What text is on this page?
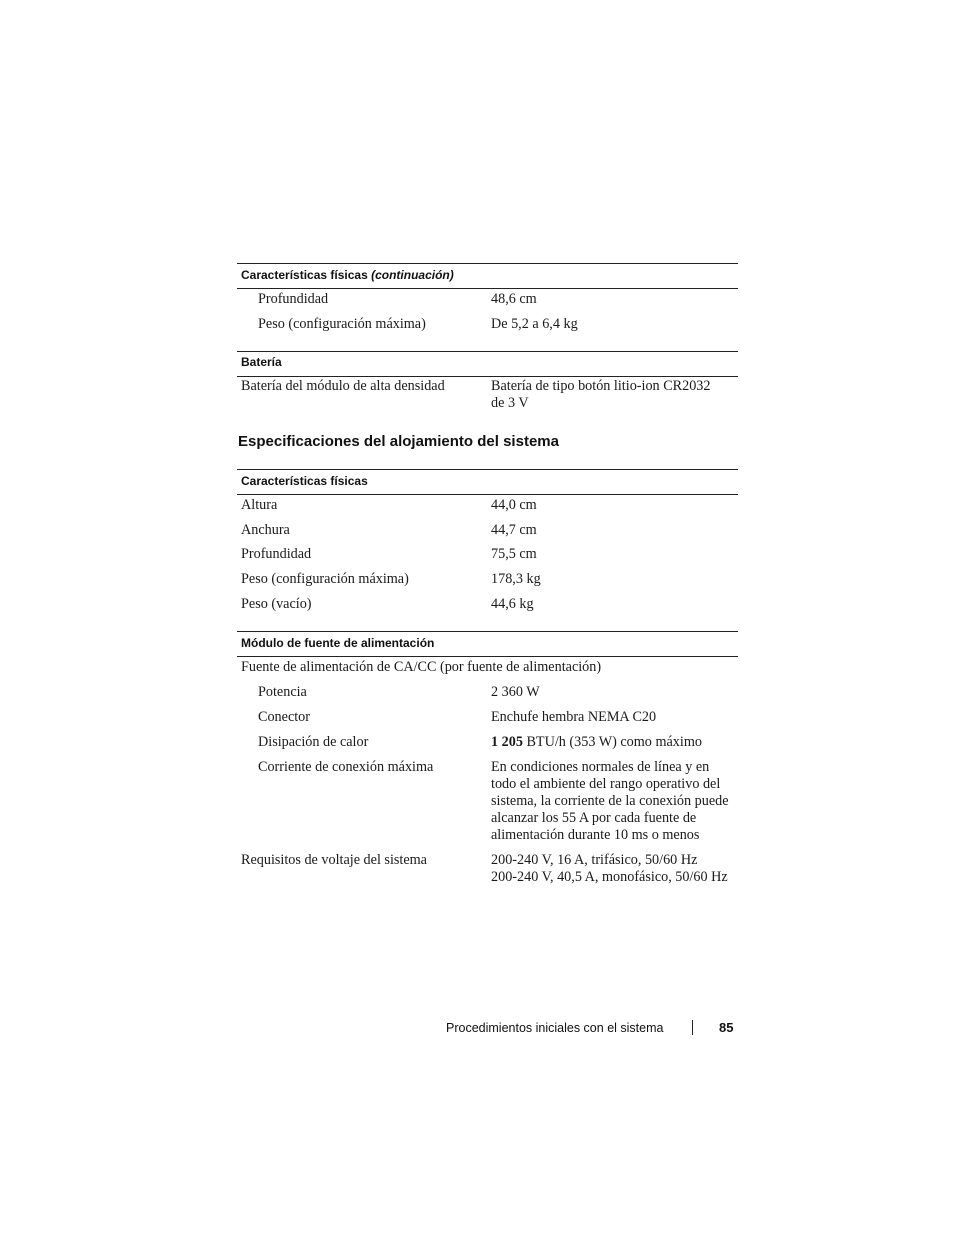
Características físicas (continuación)
Profundidad	48,6 cm
Peso (configuración máxima)	De 5,2 a 6,4 kg
Batería
Batería del módulo de alta densidad	Batería de tipo botón litio-ion CR2032
de 3 V
Especificaciones del alojamiento del sistema
Características físicas
Altura	44,0 cm
Anchura	44,7 cm
Profundidad	75,5 cm
Peso (configuración máxima)	178,3 kg
Peso (vacío)	44,6 kg
Módulo de fuente de alimentación
Fuente de alimentación de CA/CC (por fuente de alimentación)
Potencia	2 360 W
Conector	Enchufe hembra NEMA C20
Disipación de calor	1 205 BTU/h (353 W) como máximo
Corriente de conexión máxima	En condiciones normales de línea y en
todo el ambiente del rango operativo del
sistema, la corriente de la conexión puede
alcanzar los 55 A por cada fuente de
alimentación durante 10 ms o menos
Requisitos de voltaje del sistema	200-240 V, 16 A, trifásico, 50/60 Hz
200-240 V, 40,5 A, monofásico, 50/60 Hz
Procedimientos iniciales con el sistema	85
